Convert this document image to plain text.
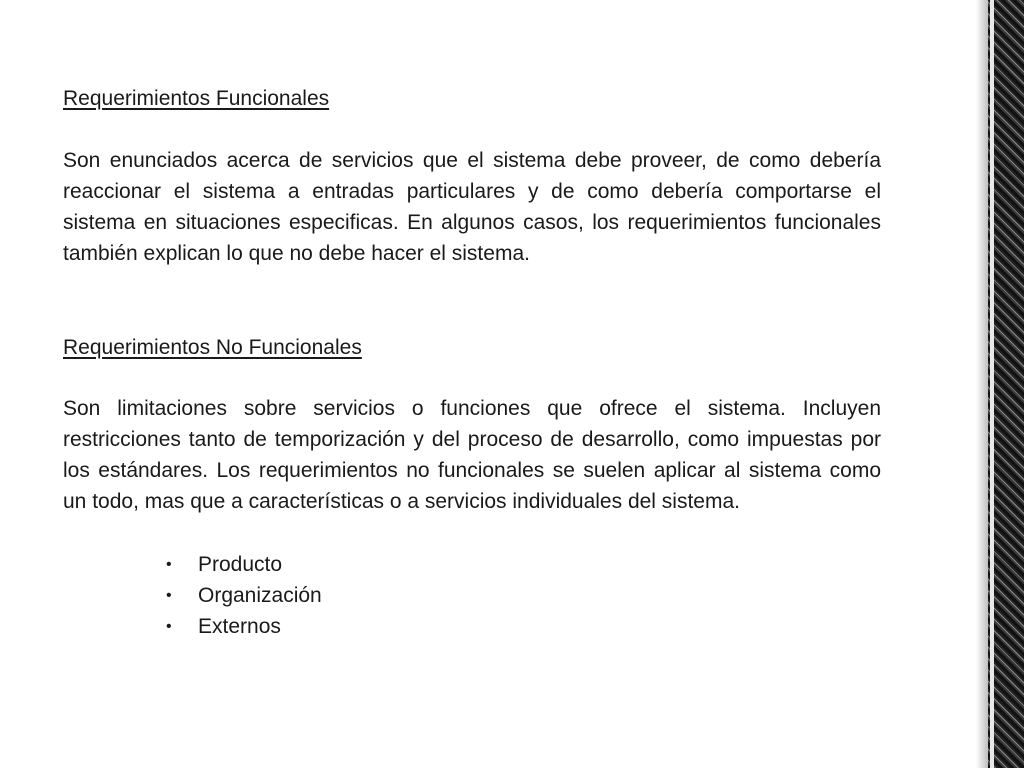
Requerimientos Funcionales

Son enunciados acerca de servicios que el sistema debe proveer, de como debería reaccionar el sistema a entradas particulares y de como debería comportarse el sistema en situaciones especificas. En algunos casos, los requerimientos funcionales también explican lo que no debe hacer el sistema.

Requerimientos No Funcionales

Son limitaciones sobre servicios o funciones que ofrece el sistema. Incluyen restricciones tanto de temporización y del proceso de desarrollo, como impuestas por los estándares. Los requerimientos no funcionales se suelen aplicar al sistema como un todo, mas que a características o a servicios individuales del sistema.

• Producto
• Organización
• Externos
